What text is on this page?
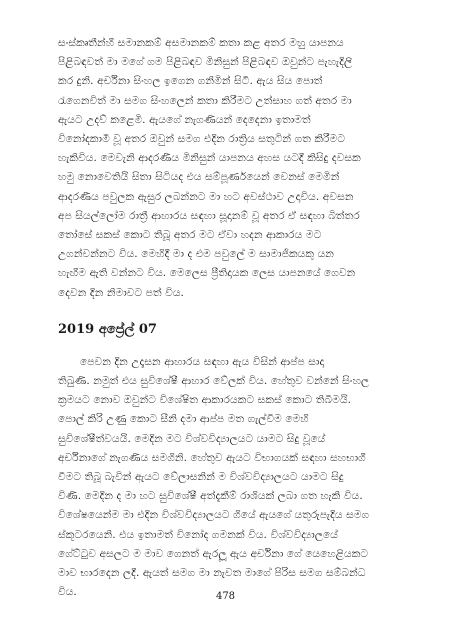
සංස්කෘතීන්හී සමානකම් අසමානකම් කතා කළ අතර මහු යාපනය
පිළිබඳවත් මා මගේ ගම පිළිබඳව මිනිසුන් පිළිබඳව ඔවුන්ට පැහැදිලි
කර දුනි. අර්චිනා සිංහල ඉගෙන ගනිමින් සිටී. ඇය සිය පොත්
රැගෙනවිත් මා සමග සිංහලෙන් කතා කිරීමට උත්සාහ ගත් අතර මා
ඇයට උදව් කළෙමි. ඇයගේ නැගණියන් දෙදෙනා ඉතාමත්
විනෝදකාමී වූ අතර ඔවුන් සමග එදින රාත්‍රිය සතුටින් ගත කිරීමට
හැකිවිය. මෙවැනි ආදරණීය මිනිසුන් යාපනය අහස යටදී කිසිදු දවසක
හමු නොවෙතියි සිතා සිටියද එය සම්පූර්ණයෙන් වෙනස් මෙමින්
ආදරණීය පවුලක ඇසුර ලබන්නට මා හට අවස්ථාව උදාවිය. අවසන
අප සියල්ලෝම රාත්‍රී ආහාරය සඳහා සූදානම් වූ අතර ඒ සඳහා බිත්තර
තෝසේ සකස් කොට තිබූ අතර මට ඒවා හදන ආකාරය මට
උගන්වන්නට විය. මෙහිදී මා ද එම පවුලේ ම සාමාජිකයකු යන
හැඟීම ඇති වන්නට විය. මෙලෙස ප්‍රීතිදායක ලෙස යාපනයේ ගෙවන
දෙවන දින නිමාවට පත් විය.
2019 අප්‍රේල් 07
පෙවන දින උදෑසන ආහාරය සඳහා ඇය විසින් ආප්ප සාදා
තිබුණි. නමුත් එය සුවිශේෂී ආහාර වේලක් විය. හේතුව වන්නේ සිංහල
ක්‍රමයට නොව ඔවුන්ට විශේෂිත ආකාරයකට සකස් කොට තිබීමයි.
පොල් කිරි උණු කොට සීනි දමා ආප්ප මත ගැල්වීම මෙහි
සුවිශේෂීත්වයයි. මෙදින මට විශ්වවිද්‍යාලයට යාමට සිදු වූයේ
අර්චිනාගේ නැගණිය සමගිනි. හේතුව ඇයට විභාගයක් සඳහා සහභාගී
වීමට තිබූ බැවින් ඇයට වේලාසනින් ම විශ්වවිද්‍යාලයට යාමට සිදු
විණි. මෙදින ද මා හට සුවිශේෂී අත්දැකීම් රාශියක් ලබා ගත හැකි විය.
විශේෂයෙන්ම මා එදින විශ්වවිද්‍යාලයට ගියේ ඇයගේ යතුරුපැදිය සමග
ස්කූටරයෙනි. එය ඉතාමත් විනෝද ගමනක් විය. විශ්වවිද්‍යාලයේ
ගේට්ටුව අසලට ම මාව ගෙනත් ඇරලූ ඇය අර්චිනා ගේ යෙහෙළියකට
මාව භාරදෙන ලදී. ඇයත් සමග මා නැවත මාගේ පිරිස සමග සම්බන්ධ
විය.	478
